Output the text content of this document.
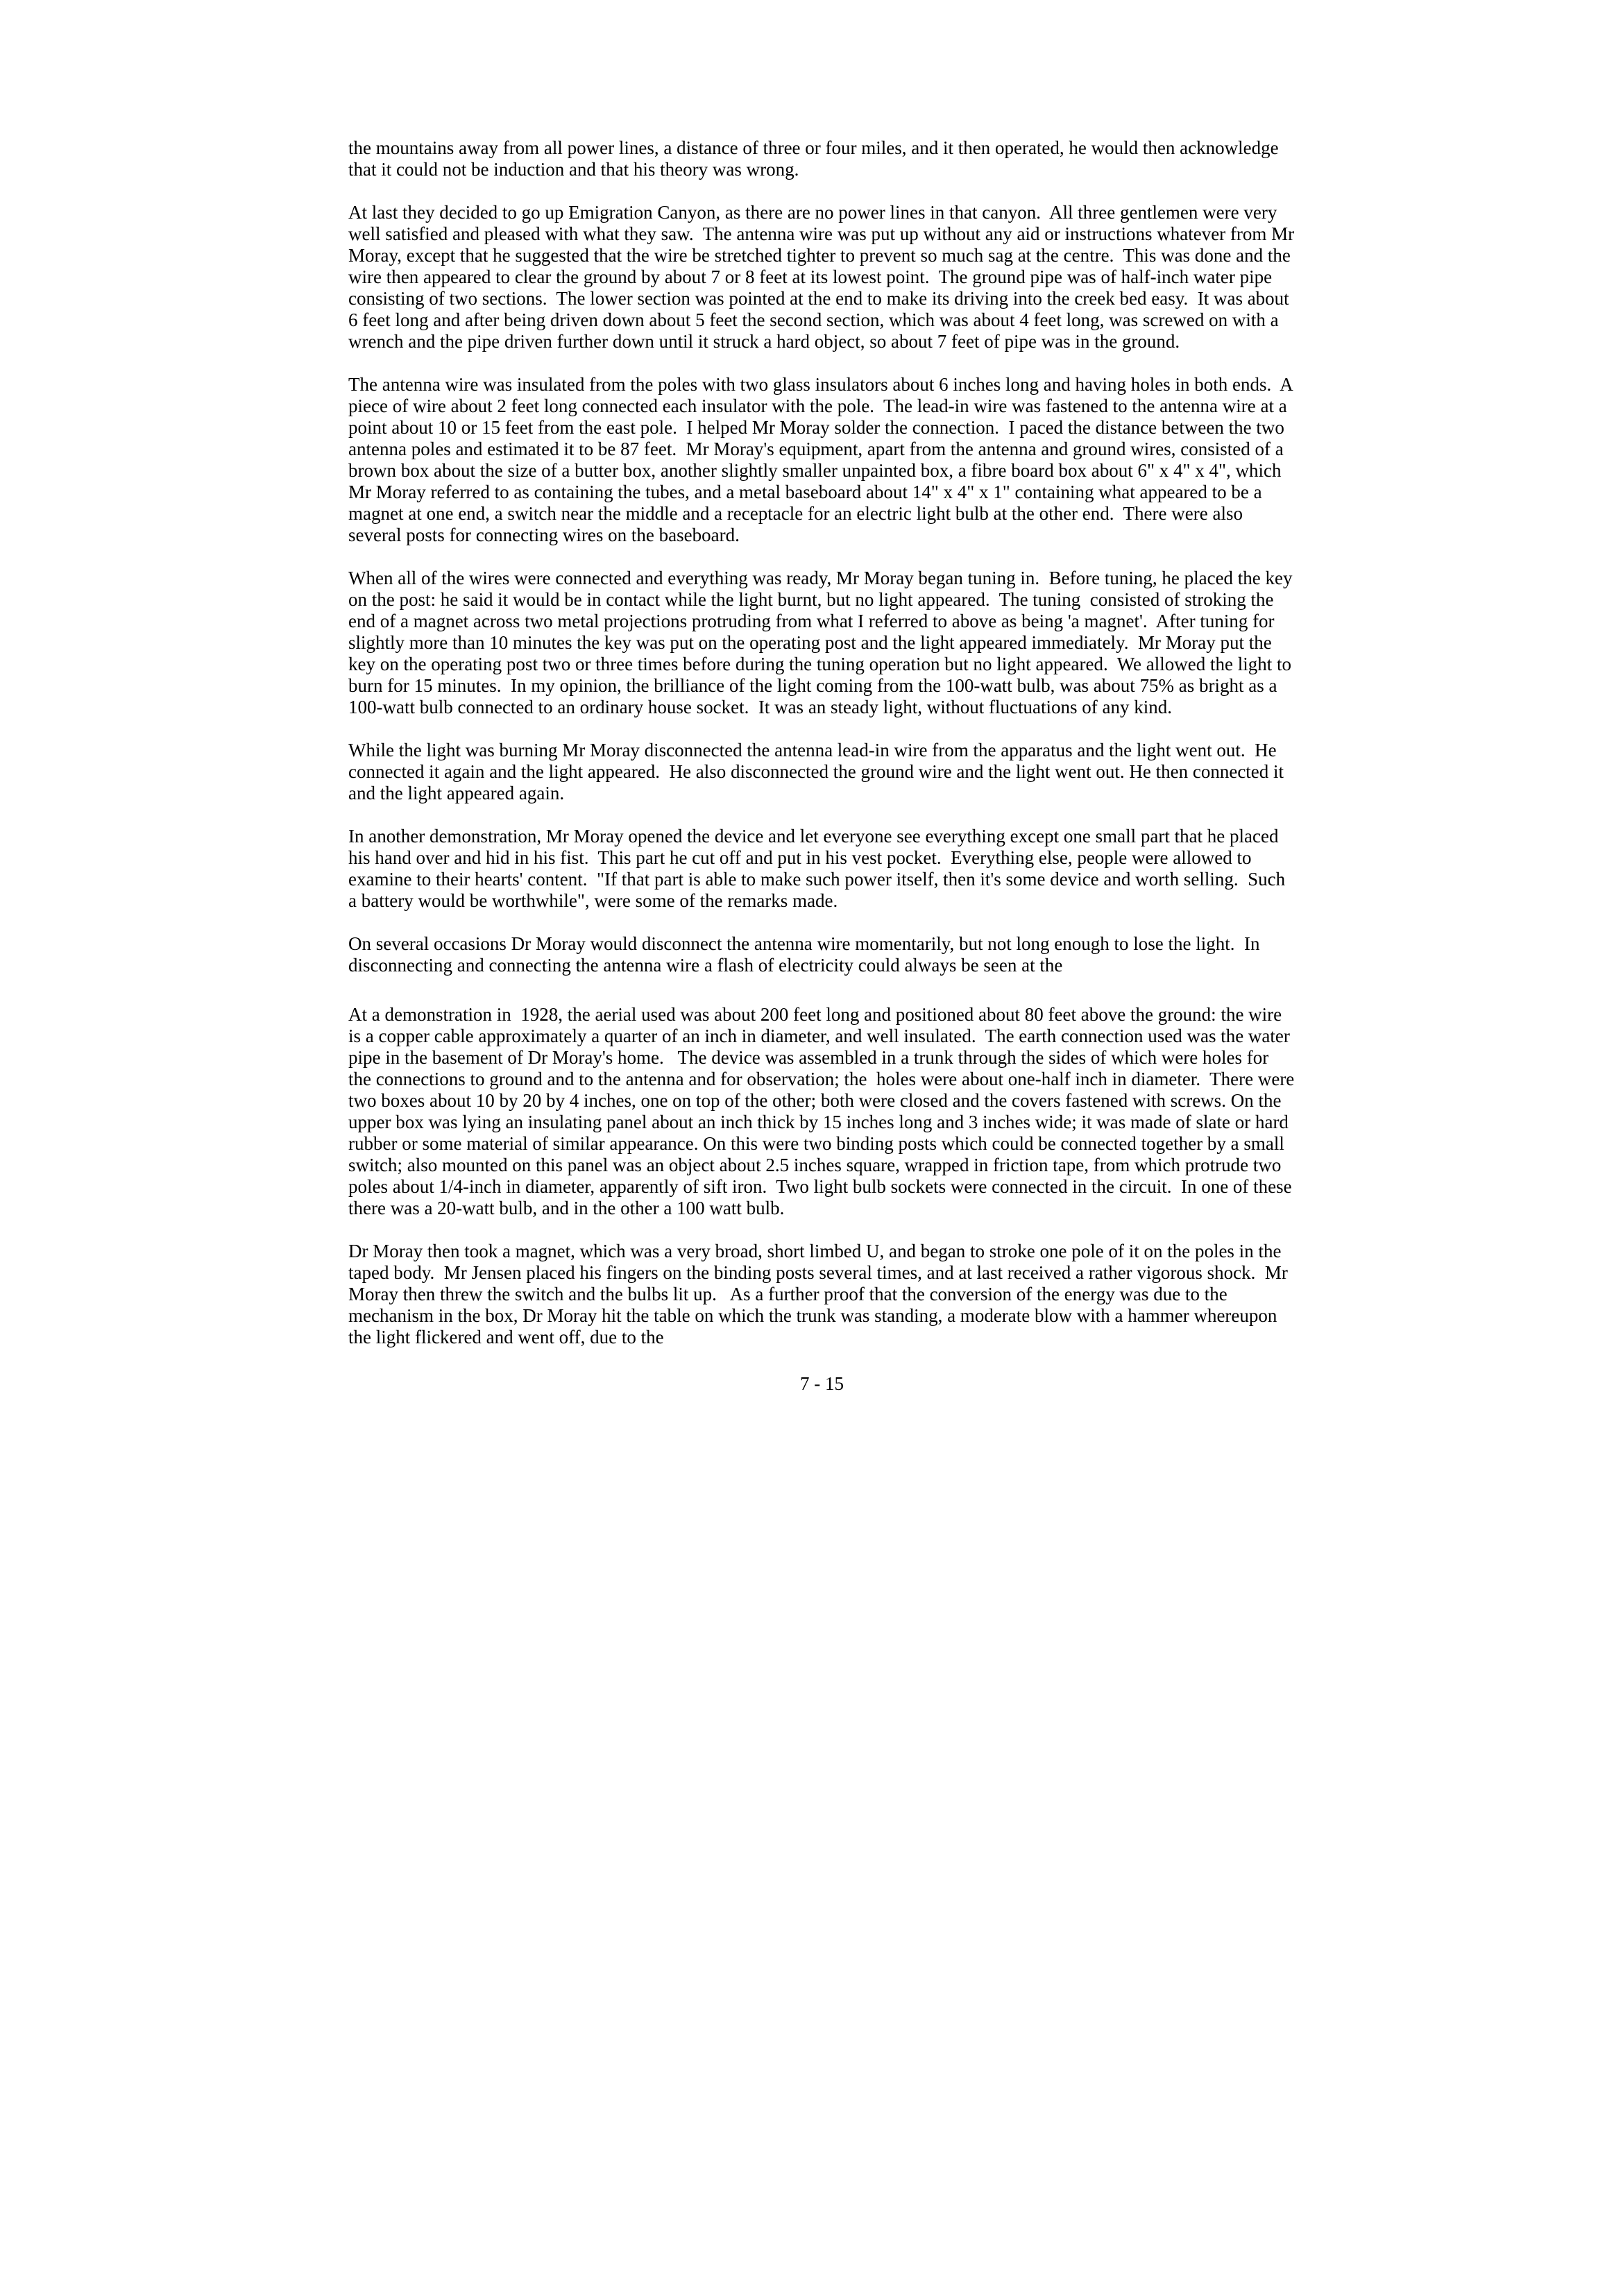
the mountains away from all power lines, a distance of three or four miles, and it then operated, he would then acknowledge that it could not be induction and that his theory was wrong.

At last they decided to go up Emigration Canyon, as there are no power lines in that canyon.  All three gentlemen were very well satisfied and pleased with what they saw.  The antenna wire was put up without any aid or instructions whatever from Mr Moray, except that he suggested that the wire be stretched tighter to prevent so much sag at the centre.  This was done and the wire then appeared to clear the ground by about 7 or 8 feet at its lowest point.  The ground pipe was of half-inch water pipe consisting of two sections.  The lower section was pointed at the end to make its driving into the creek bed easy.  It was about 6 feet long and after being driven down about 5 feet the second section, which was about 4 feet long, was screwed on with a wrench and the pipe driven further down until it struck a hard object, so about 7 feet of pipe was in the ground.

The antenna wire was insulated from the poles with two glass insulators about 6 inches long and having holes in both ends.  A piece of wire about 2 feet long connected each insulator with the pole.  The lead-in wire was fastened to the antenna wire at a point about 10 or 15 feet from the east pole.  I helped Mr Moray solder the connection.  I paced the distance between the two antenna poles and estimated it to be 87 feet.  Mr Moray's equipment, apart from the antenna and ground wires, consisted of a brown box about the size of a butter box, another slightly smaller unpainted box, a fibre board box about 6" x 4" x 4", which Mr Moray referred to as containing the tubes, and a metal baseboard about 14" x 4" x 1" containing what appeared to be a magnet at one end, a switch near the middle and a receptacle for an electric light bulb at the other end.  There were also several posts for connecting wires on the baseboard.

When all of the wires were connected and everything was ready, Mr Moray began tuning in.  Before tuning, he placed the key on the post: he said it would be in contact while the light burnt, but no light appeared.  The tuning  consisted of stroking the end of a magnet across two metal projections protruding from what I referred to above as being 'a magnet'.  After tuning for slightly more than 10 minutes the key was put on the operating post and the light appeared immediately.  Mr Moray put the key on the operating post two or three times before during the tuning operation but no light appeared.  We allowed the light to burn for 15 minutes.  In my opinion, the brilliance of the light coming from the 100-watt bulb, was about 75% as bright as a 100-watt bulb connected to an ordinary house socket.  It was an steady light, without fluctuations of any kind.

While the light was burning Mr Moray disconnected the antenna lead-in wire from the apparatus and the light went out.  He connected it again and the light appeared.  He also disconnected the ground wire and the light went out. He then connected it and the light appeared again.

In another demonstration, Mr Moray opened the device and let everyone see everything except one small part that he placed his hand over and hid in his fist.  This part he cut off and put in his vest pocket.  Everything else, people were allowed to examine to their hearts' content.  "If that part is able to make such power itself, then it's some device and worth selling.  Such a battery would be worthwhile", were some of the remarks made.

On several occasions Dr Moray would disconnect the antenna wire momentarily, but not long enough to lose the light.  In disconnecting and connecting the antenna wire a flash of electricity could always be seen at the

At a demonstration in  1928, the aerial used was about 200 feet long and positioned about 80 feet above the ground: the wire is a copper cable approximately a quarter of an inch in diameter, and well insulated.  The earth connection used was the water pipe in the basement of Dr Moray's home.   The device was assembled in a trunk through the sides of which were holes for the connections to ground and to the antenna and for observation; the  holes were about one-half inch in diameter.  There were two boxes about 10 by 20 by 4 inches, one on top of the other; both were closed and the covers fastened with screws. On the upper box was lying an insulating panel about an inch thick by 15 inches long and 3 inches wide; it was made of slate or hard rubber or some material of similar appearance. On this were two binding posts which could be connected together by a small switch; also mounted on this panel was an object about 2.5 inches square, wrapped in friction tape, from which protrude two poles about 1/4-inch in diameter, apparently of sift iron.  Two light bulb sockets were connected in the circuit.  In one of these there was a 20-watt bulb, and in the other a 100 watt bulb.

Dr Moray then took a magnet, which was a very broad, short limbed U, and began to stroke one pole of it on the poles in the taped body.  Mr Jensen placed his fingers on the binding posts several times, and at last received a rather vigorous shock.  Mr Moray then threw the switch and the bulbs lit up.   As a further proof that the conversion of the energy was due to the mechanism in the box, Dr Moray hit the table on which the trunk was standing, a moderate blow with a hammer whereupon the light flickered and went off, due to the

7 - 15
